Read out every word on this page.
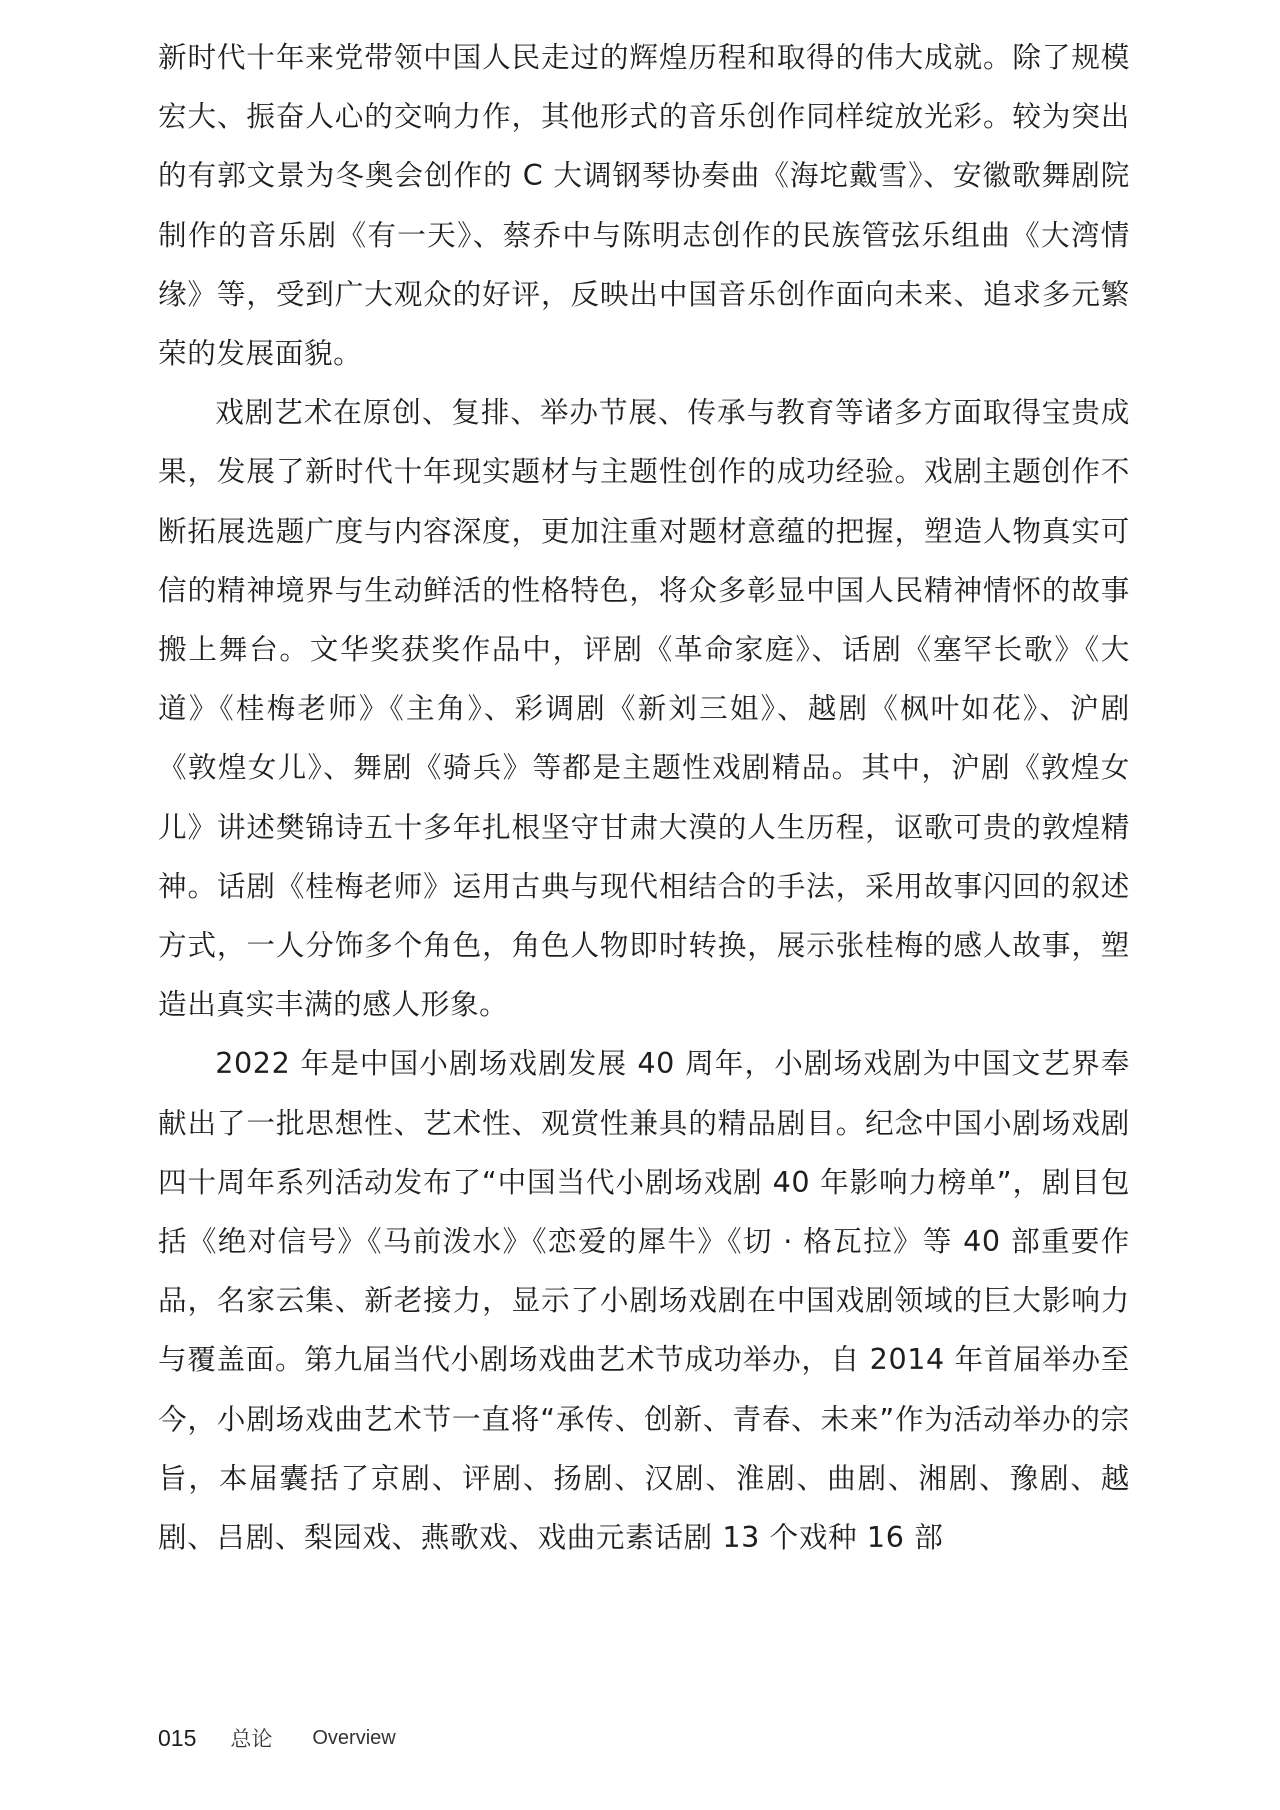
新时代十年来党带领中国人民走过的辉煌历程和取得的伟大成就。除了规模宏大、振奋人心的交响力作，其他形式的音乐创作同样绽放光彩。较为突出的有郭文景为冬奥会创作的 C 大调钢琴协奏曲《海坨戴雪》、安徽歌舞剧院制作的音乐剧《有一天》、蔡乔中与陈明志创作的民族管弦乐组曲《大湾情缘》等，受到广大观众的好评，反映出中国音乐创作面向未来、追求多元繁荣的发展面貌。

戏剧艺术在原创、复排、举办节展、传承与教育等诸多方面取得宝贵成果，发展了新时代十年现实题材与主题性创作的成功经验。戏剧主题创作不断拓展选题广度与内容深度，更加注重对题材意蕴的把握，塑造人物真实可信的精神境界与生动鲜活的性格特色，将众多彰显中国人民精神情怀的故事搬上舞台。文华奖获奖作品中，评剧《革命家庭》、话剧《塞罕长歌》《大道》《桂梅老师》《主角》、彩调剧《新刘三姐》、越剧《枫叶如花》、沪剧《敦煌女儿》、舞剧《骑兵》等都是主题性戏剧精品。其中，沪剧《敦煌女儿》讲述樊锦诗五十多年扎根坚守甘肃大漠的人生历程，讴歌可贵的敦煌精神。话剧《桂梅老师》运用古典与现代相结合的手法，采用故事闪回的叙述方式，一人分饰多个角色，角色人物即时转换，展示张桂梅的感人故事，塑造出真实丰满的感人形象。

2022 年是中国小剧场戏剧发展 40 周年，小剧场戏剧为中国文艺界奉献出了一批思想性、艺术性、观赏性兼具的精品剧目。纪念中国小剧场戏剧四十周年系列活动发布了“中国当代小剧场戏剧 40 年影响力榜单”，剧目包括《绝对信号》《马前泼水》《恋爱的犀牛》《切 · 格瓦拉》等 40 部重要作品，名家云集、新老接力，显示了小剧场戏剧在中国戏剧领域的巨大影响力与覆盖面。第九届当代小剧场戏曲艺术节成功举办，自 2014 年首届举办至今，小剧场戏曲艺术节一直将“承传、创新、青春、未来”作为活动举办的宗旨，本届囊括了京剧、评剧、扬剧、汉剧、淮剧、曲剧、湘剧、豫剧、越剧、吕剧、梨园戏、燕歌戏、戏曲元素话剧 13 个戏种 16 部

015 总论 Overview
